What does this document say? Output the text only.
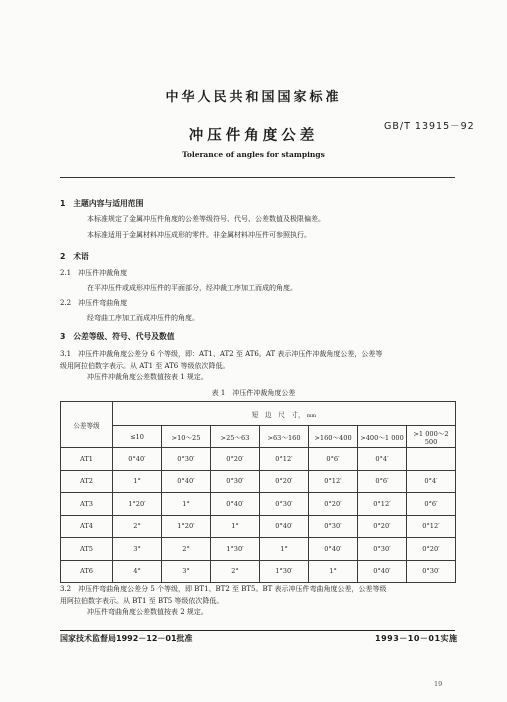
中华人民共和国国家标准
GB/T 13915－92
冲压件角度公差
Tolerance of angles for stampings
1　主题内容与适用范围
本标准规定了金属冲压件角度的公差等级符号、代号、公差数值及极限偏差。
本标准适用于金属材料冲压成形的零件。非金属材料冲压件可参照执行。
2　术语
2.1　冲压件冲裁角度
在平冲压件或成形冲压件的平面部分，经冲裁工序加工而成的角度。
2.2　冲压件弯曲角度
经弯曲工序加工而成冲压件的角度。
3　公差等级、符号、代号及数值
3.1　冲压件冲裁角度公差分 6 个等级，即：AT1、AT2 至 AT6。AT 表示冲压件冲裁角度公差，公差等
级用阿拉伯数字表示。从 AT1 至 AT6 等级依次降低。
冲压件冲裁角度公差数值按表 1 规定。
表 1　冲压件冲裁角度公差
公差等级	短　边　尺　寸， mm						
	≤10	>10～25	>25～63	>63～160	>160～400	>400～1 000	>1 000～2 500
AT1	0°40′	0°30′	0°20′	0°12′	0°6′	0°4′	
AT2	1°	0°40′	0°30′	0°20′	0°12′	0°6′	0°4′
AT3	1°20′	1°	0°40′	0°30′	0°20′	0°12′	0°6′
AT4	2°	1°20′	1°	0°40′	0°30′	0°20′	0°12′
AT5	3°	2°	1°30′	1°	0°40′	0°30′	0°20′
AT6	4°	3°	2°	1°30′	1°	0°40′	0°30′
3.2　冲压件弯曲角度公差分 5 个等级，即 BT1、BT2 至 BT5。BT 表示冲压件弯曲角度公差，公差等级
用阿拉伯数字表示。从 BT1 至 BT5 等级依次降低。
冲压件弯曲角度公差数值按表 2 规定。
国家技术监督局1992－12－01批准	1993－10－01实施
19
